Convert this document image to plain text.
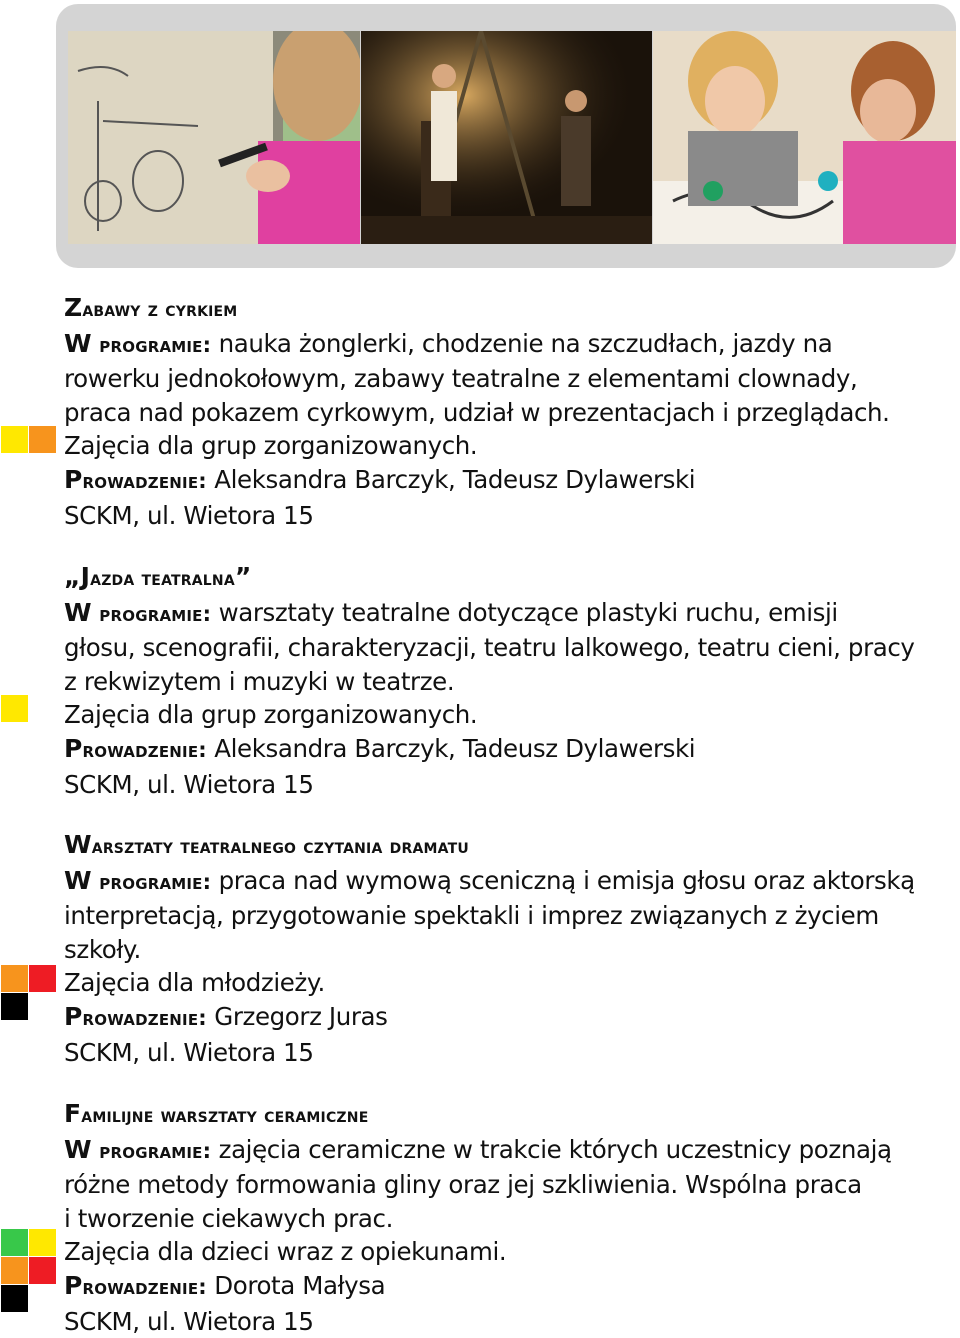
Zabawy z cyrkiem
W programie: nauka żonglerki, chodzenie na szczudłach, jazdy na
rowerku jednokołowym, zabawy teatralne z elementami clownady,
praca nad pokazem cyrkowym, udział w prezentacjach i przeglądach.
Zajęcia dla grup zorganizowanych.
Prowadzenie: Aleksandra Barczyk, Tadeusz Dylawerski
SCKM, ul. Wietora 15
„Jazda teatralna”
W programie: warsztaty teatralne dotyczące plastyki ruchu, emisji
głosu, scenografii, charakteryzacji, teatru lalkowego, teatru cieni, pracy
z rekwizytem i muzyki w teatrze.
Zajęcia dla grup zorganizowanych.
Prowadzenie: Aleksandra Barczyk, Tadeusz Dylawerski
SCKM, ul. Wietora 15
Warsztaty teatralnego czytania dramatu
W programie: praca nad wymową sceniczną i emisja głosu oraz aktorską
interpretacją, przygotowanie spektakli i imprez związanych z życiem
szkoły.
Zajęcia dla młodzieży.
Prowadzenie: Grzegorz Juras
SCKM, ul. Wietora 15
Familijne warsztaty ceramiczne
W programie: zajęcia ceramiczne w trakcie których uczestnicy poznają
różne metody formowania gliny oraz jej szkliwienia. Wspólna praca
i tworzenie ciekawych prac.
Zajęcia dla dzieci wraz z opiekunami.
Prowadzenie: Dorota Małysa
SCKM, ul. Wietora 15
